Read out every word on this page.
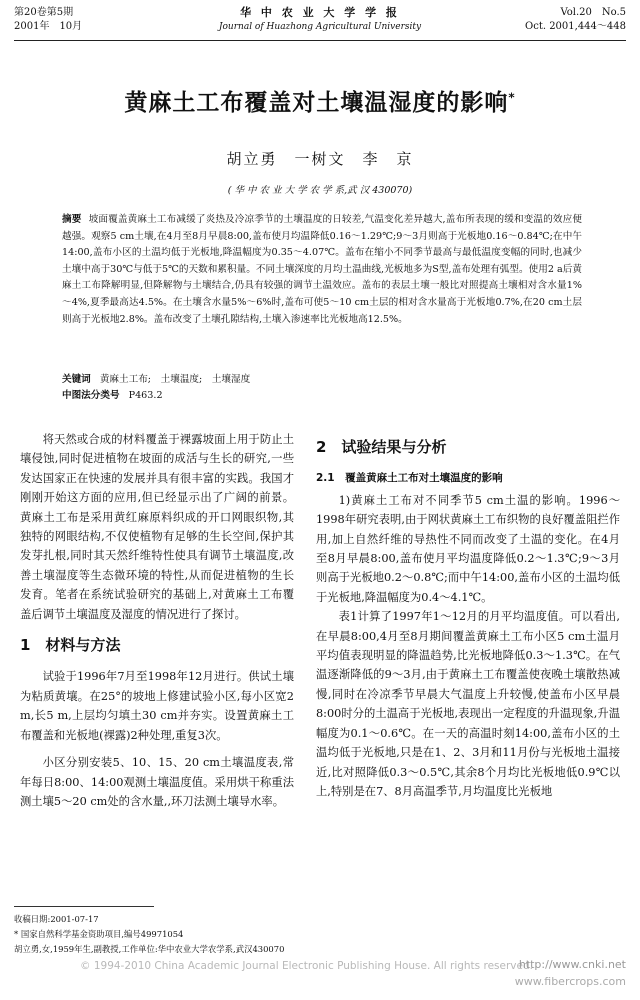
第20卷第5期
2001年　10月
华 中 农 业 大 学 学 报
Journal of Huazhong Agricultural University
Vol.20　No.5
Oct. 2001,444～448
黄麻土工布覆盖对土壤温湿度的影响*
胡立勇　一树文　李　京
( 华 中 农 业 大 学 农 学 系,武 汉 430070)
摘要 坡面覆盖黄麻土工布减缓了炎热及冷凉季节的土壤温度的日较差,气温变化差异越大,盖布所表现的缓和变温的效应便越强。观察5 cm土壤,在4月至8月早晨8:00,盖布使月均温降低0.16～1.29℃;9～3月则高于光板地0.16～0.84℃;在中午14:00,盖布小区的土温均低于光板地,降温幅度为0.35～4.07℃。盖布在缩小不同季节最高与最低温度变幅的同时,也减少土壤中高于30℃与低于5℃的天数和累积量。不同土壤深度的月均土温曲线,光板地多为S型,盖布处理有弧型。使用2 a后黄麻土工布降解明显,但降解物与土壤结合,仍具有较强的调节土温效应。盖布的表层土壤一般比对照提高土壤相对含水量1%～4%,夏季最高达4.5%。在土壤含水量5%～6%时,盖布可使5～10 cm土层的相对含水量高于光板地0.7%,在20 cm土层则高于光板地2.8%。盖布改变了土壤孔隙结构,土壤入渗速率比光板地高12.5%。
关键词 黄麻土工布;　土壤温度;　土壤湿度
中图法分类号 P463.2

将天然或合成的材料覆盖于裸露坡面上用于防止土壤侵蚀,同时促进植物在坡面的成活与生长的研究,一些发达国家正在快速的发展并具有很丰富的实践。我国才刚刚开始这方面的应用,但已经显示出了广阔的前景。黄麻土工布是采用黄红麻原料织成的开口网眼织物,其独特的网眼结构,不仅使植物有足够的生长空间,保护其发芽扎根,同时其天然纤维特性使具有调节土壤温度,改善土壤湿度等生态微环境的特性,从而促进植物的生长发育。笔者在系统试验研究的基础上,对黄麻土工布覆盖后调节土壤温度及湿度的情况进行了探讨。

1　材料与方法

试验于1996年7月至1998年12月进行。供试土壤为粘质黄壤。在25°的坡地上修建试验小区,每小区宽2 m,长5 m,上层均匀填土30 cm并夯实。设置黄麻土工布覆盖和光板地(裸露)2种处理,重复3次。

小区分别安装5、10、15、20 cm土壤温度表,常年每日8:00、14:00观测土壤温度值。采用烘干称重法测土壤5～20 cm处的含水量,,环刀法测土壤导水率。

2　试验结果与分析
2.1　覆盖黄麻土工布对土壤温度的影响

1)黄麻土工布对不同季节5 cm土温的影响。1996～1998年研究表明,由于网状黄麻土工布织物的良好覆盖阻拦作用,加上自然纤维的导热性不同而改变了土温的变化。在4月至8月早晨8:00,盖布使月平均温度降低0.2～1.3℃;9～3月则高于光板地0.2～0.8℃;而中午14:00,盖布小区的土温均低于光板地,降温幅度为0.4～4.1℃。

表1计算了1997年1～12月的月平均温度值。可以看出,在早晨8:00,4月至8月期间覆盖黄麻土工布小区5 cm土温月平均值表现明显的降温趋势,比光板地降低0.3～1.3℃。在气温逐渐降低的9～3月,由于黄麻土工布覆盖使夜晚土壤散热减慢,同时在冷凉季节早晨大气温度上升较慢,使盖布小区早晨8:00时分的土温高于光板地,表现出一定程度的升温现象,升温幅度为0.1～0.6℃。在一天的高温时刻14:00,盖布小区的土温均低于光板地,只是在1、2、3月和11月份与光板地土温接近,比对照降低0.3～0.5℃,其余8个月均比光板地低0.9℃以上,特别是在7、8月高温季节,月均温度比光板地

收稿日期:2001-07-17
* 国家自然科学基金资助项目,编号49971054
胡立勇,女,1959年生,副教授,工作单位:华中农业大学农学系,武汉430070
© 1994-2010 China Academic Journal Electronic Publishing House. All rights reserved.
http://www.cnki.net
www.fibercrops.com
